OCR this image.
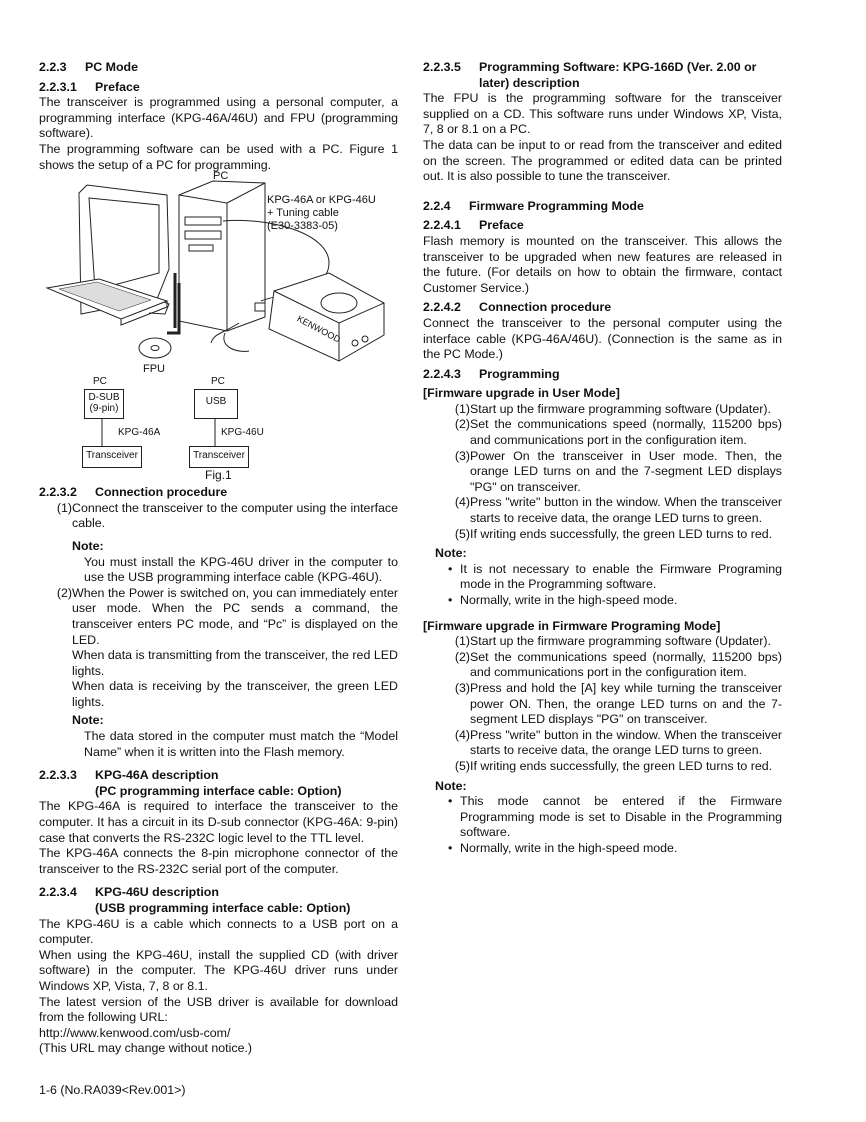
2.2.3 PC Mode
2.2.3.1 Preface

The transceiver is programmed using a personal computer, a programming interface (KPG-46A/46U) and FPU (programming software).

The programming software can be used with a PC. Figure 1 shows the setup of a PC for programming.

PC
KPG-46A or KPG-46U
+ Tuning cable
(E30-3383-05)
FPU
KENWOOD
PC	PC
D-SUB
(9-pin)
USB
KPG-46A	KPG-46U
Transceiver	Transceiver
Fig.1
2.2.3.2 Connection procedure
(1) Connect the transceiver to the computer using the interface cable.
Note:

You must install the KPG-46U driver in the computer to use the USB programming interface cable (KPG-46U).

(2) When the Power is switched on, you can immediately enter user mode. When the PC sends a command, the transceiver enters PC mode, and “Pc” is displayed on the LED.

When data is transmitting from the transceiver, the red LED lights.

When data is receiving by the transceiver, the green LED lights.

Note:

The data stored in the computer must match the “Model Name” when it is written into the Flash memory.

2.2.3.3 KPG-46A description
(PC programming interface cable: Option)

The KPG-46A is required to interface the transceiver to the computer. It has a circuit in its D-sub connector (KPG-46A: 9-pin) case that converts the RS-232C logic level to the TTL level.

The KPG-46A connects the 8-pin microphone connector of the transceiver to the RS-232C serial port of the computer.

2.2.3.4 KPG-46U description
(USB programming interface cable: Option)

The KPG-46U is a cable which connects to a USB port on a computer.

When using the KPG-46U, install the supplied CD (with driver software) in the computer. The KPG-46U driver runs under Windows XP, Vista, 7, 8 or 8.1.

The latest version of the USB driver is available for download from the following URL:

http://www.kenwood.com/usb-com/

(This URL may change without notice.)

2.2.3.5 Programming Software: KPG-166D (Ver. 2.00 or
later) description

The FPU is the programming software for the transceiver supplied on a CD. This software runs under Windows XP, Vista, 7, 8 or 8.1 on a PC.

The data can be input to or read from the transceiver and edited on the screen. The programmed or edited data can be printed out. It is also possible to tune the transceiver.

2.2.4 Firmware Programming Mode
2.2.4.1 Preface

Flash memory is mounted on the transceiver. This allows the transceiver to be upgraded when new features are released in the future. (For details on how to obtain the firmware, contact Customer Service.)

2.2.4.2 Connection procedure

Connect the transceiver to the personal computer using the interface cable (KPG-46A/46U). (Connection is the same as in the PC Mode.)

2.2.4.3 Programming
[Firmware upgrade in User Mode]
(1) Start up the firmware programming software (Updater).
(2) Set the communications speed (normally, 115200 bps) and communications port in the configuration item.
(3) Power On the transceiver in User mode. Then, the orange LED turns on and the 7-segment LED displays "PG" on transceiver.
(4) Press "write" button in the window. When the transceiver starts to receive data, the orange LED turns to green.
(5) If writing ends successfully, the green LED turns to red.
Note:

• It is not necessary to enable the Firmware Programing mode in the Programming software.

• Normally, write in the high-speed mode.

[Firmware upgrade in Firmware Programing Mode]
(1) Start up the firmware programming software (Updater).
(2) Set the communications speed (normally, 115200 bps) and communications port in the configuration item.
(3) Press and hold the [A] key while turning the transceiver power ON. Then, the orange LED turns on and the 7-segment LED displays "PG" on transceiver.
(4) Press "write" button in the window. When the transceiver starts to receive data, the orange LED turns to green.
(5) If writing ends successfully, the green LED turns to red.
Note:

• This mode cannot be entered if the Firmware Programming mode is set to Disable in the Programming software.

• Normally, write in the high-speed mode.

1-6 (No.RA039<Rev.001>)
